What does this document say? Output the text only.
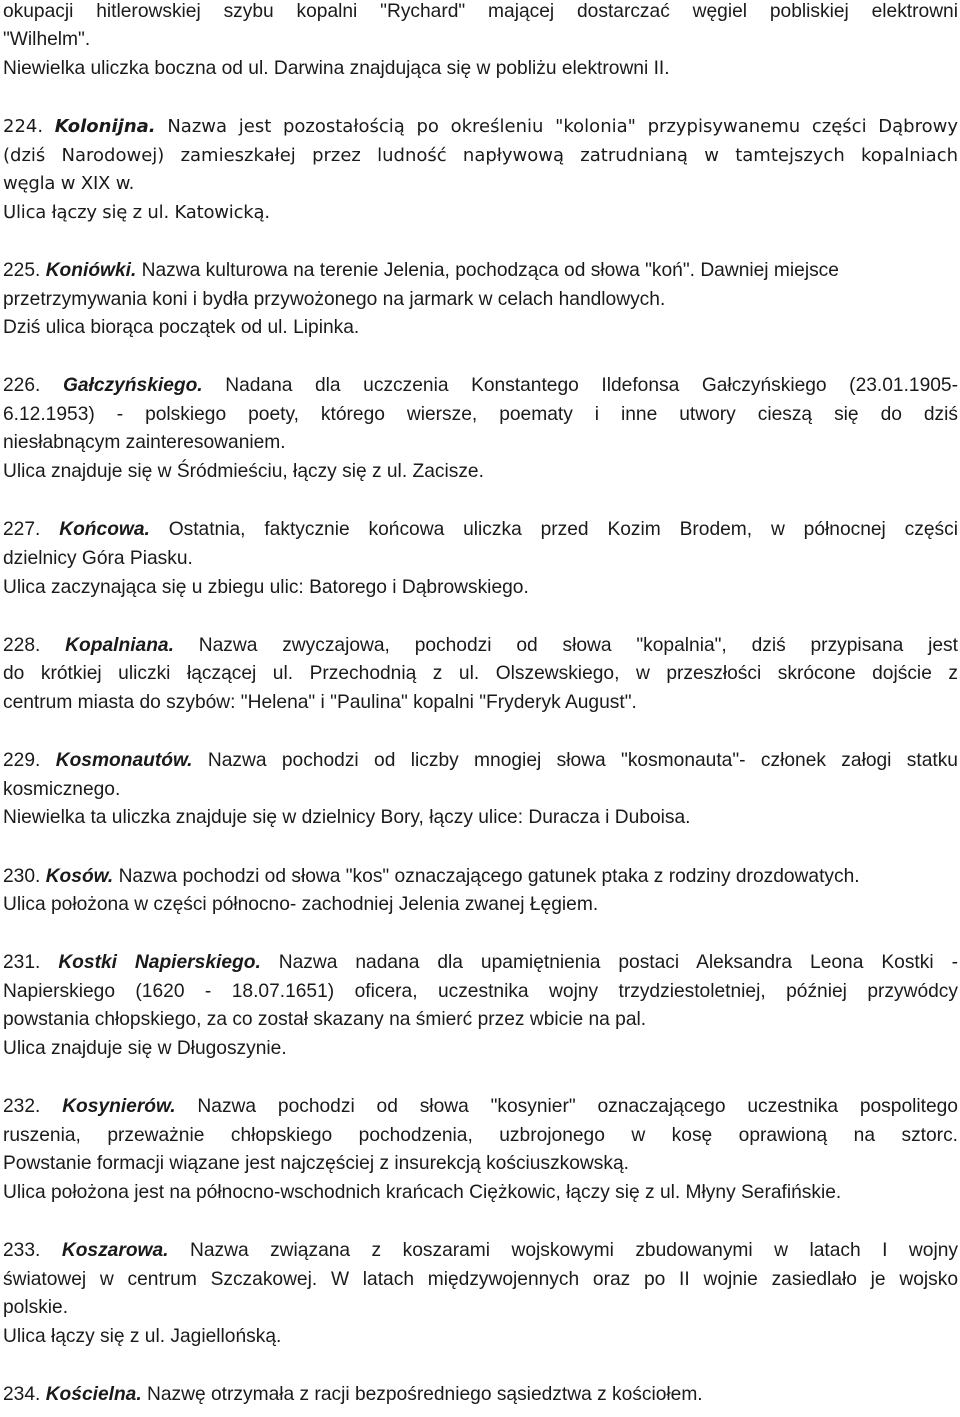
okupacji hitlerowskiej szybu kopalni "Rychard" mającej dostarczać węgiel pobliskiej elektrowni
"Wilhelm".
Niewielka uliczka boczna od ul. Darwina znajdująca się w pobliżu elektrowni II.
224. Kolonijna. Nazwa jest pozostałością po określeniu "kolonia" przypisywanemu części Dąbrowy
(dziś Narodowej) zamieszkałej przez ludność napływową zatrudnianą w tamtejszych kopalniach
węgla w XIX w.
Ulica łączy się z ul. Katowicką.
225. Koniówki. Nazwa kulturowa na terenie Jelenia, pochodząca od słowa "koń". Dawniej miejsce
przetrzymywania koni i bydła przywożonego na jarmark w celach handlowych.
Dziś ulica biorąca początek od ul. Lipinka.
226. Gałczyńskiego. Nadana dla uczczenia Konstantego Ildefonsa Gałczyńskiego (23.01.1905-
6.12.1953) - polskiego poety, którego wiersze, poematy i inne utwory cieszą się do dziś
niesłabnącym zainteresowaniem.
Ulica znajduje się w Śródmieściu, łączy się z ul. Zacisze.
227. Końcowa. Ostatnia, faktycznie końcowa uliczka przed Kozim Brodem, w północnej części
dzielnicy Góra Piasku.
Ulica zaczynająca się u zbiegu ulic: Batorego i Dąbrowskiego.
228. Kopalniana. Nazwa zwyczajowa, pochodzi od słowa "kopalnia", dziś przypisana jest
do krótkiej uliczki łączącej ul. Przechodnią z ul. Olszewskiego, w przeszłości skrócone dojście z
centrum miasta do szybów: "Helena" i "Paulina" kopalni "Fryderyk August".
229. Kosmonautów. Nazwa pochodzi od liczby mnogiej słowa "kosmonauta"- członek załogi statku
kosmicznego.
Niewielka ta uliczka znajduje się w dzielnicy Bory, łączy ulice: Duracza i Duboisa.
230. Kosów. Nazwa pochodzi od słowa "kos" oznaczającego gatunek ptaka z rodziny drozdowatych.
Ulica położona w części północno- zachodniej Jelenia zwanej Łęgiem.
231. Kostki Napierskiego. Nazwa nadana dla upamiętnienia postaci Aleksandra Leona Kostki -
Napierskiego (1620 - 18.07.1651) oficera, uczestnika wojny trzydziestoletniej, później przywódcy
powstania chłopskiego, za co został skazany na śmierć przez wbicie na pal.
Ulica znajduje się w Długoszynie.
232. Kosynierów. Nazwa pochodzi od słowa "kosynier" oznaczającego uczestnika pospolitego
ruszenia, przeważnie chłopskiego pochodzenia, uzbrojonego w kosę oprawioną na sztorc.
Powstanie formacji wiązane jest najczęściej z insurekcją kościuszkowską.
Ulica położona jest na północno-wschodnich krańcach Ciężkowic, łączy się z ul. Młyny Serafińskie.
233. Koszarowa. Nazwa związana z koszarami wojskowymi zbudowanymi w latach I wojny
światowej w centrum Szczakowej. W latach międzywojennych oraz po II wojnie zasiedlało je wojsko
polskie.
Ulica łączy się z ul. Jagiellońską.
234. Kościelna. Nazwę otrzymała z racji bezpośredniego sąsiedztwa z kościołem.
